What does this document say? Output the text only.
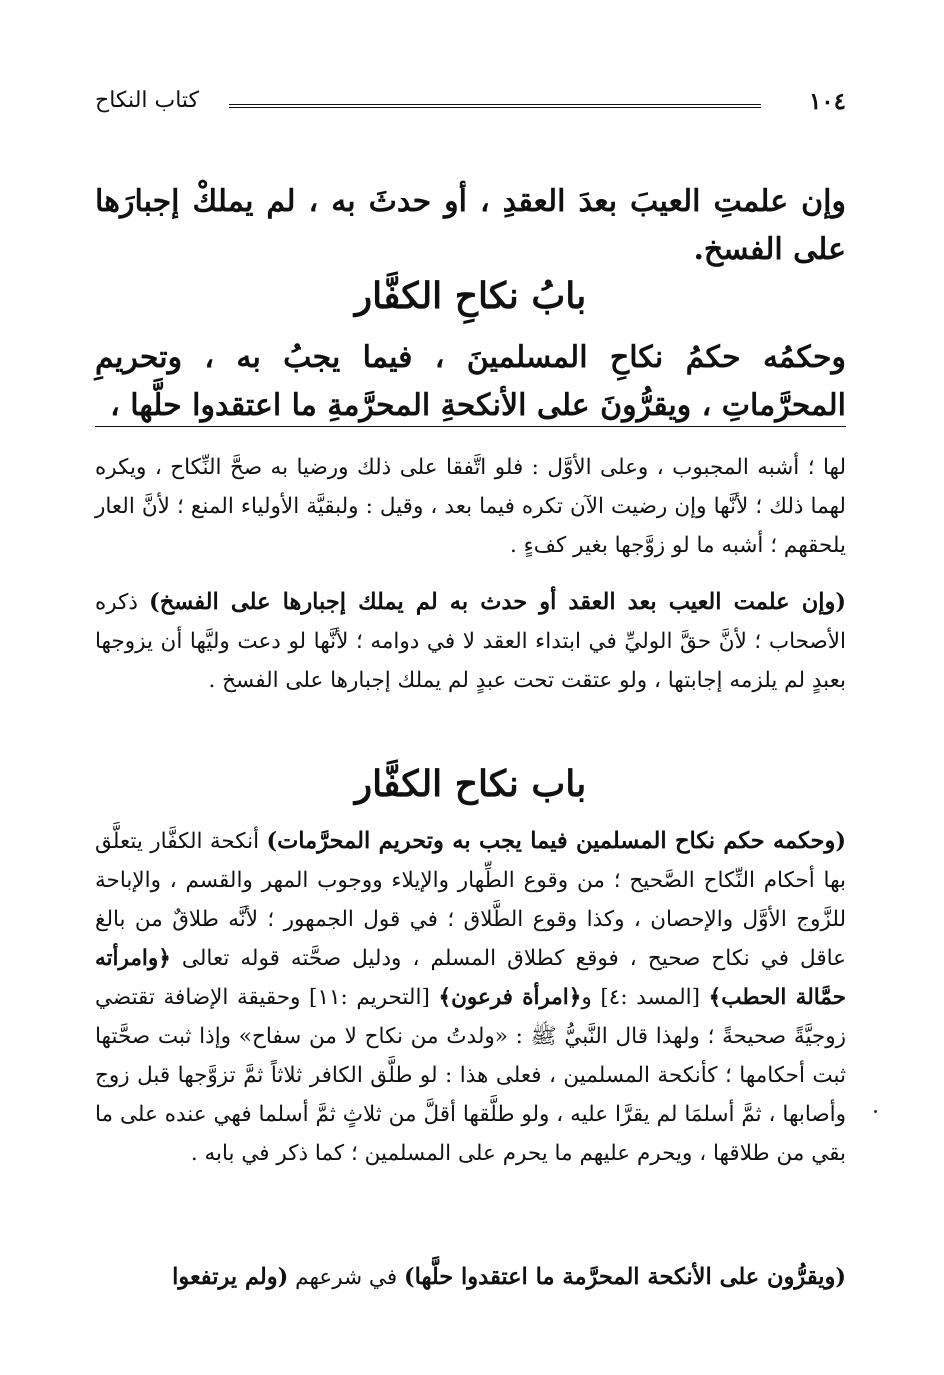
١٠٤
كتاب النكاح
وإن علمتِ العيبَ بعدَ العقدِ ، أو حدثَ به ، لم يملكْ إجبارَها على الفسخ.
بابُ نكاحِ الكفَّار
وحكمُه حكمُ نكاحِ المسلمينَ ، فيما يجبُ به ، وتحريمِ المحرَّماتِ ، ويقرُّونَ على الأنكحةِ المحرَّمةِ ما اعتقدوا حلَّها ،
لها ؛ أشبه المجبوب ، وعلى الأوَّل : فلو اتَّفقا على ذلك ورضيا به صحَّ النِّكاح ، ويكره لهما ذلك ؛ لأنَّها وإن رضيت الآن تكره فيما بعد ، وقيل : ولبقيَّة الأولياء المنع ؛ لأنَّ العار يلحقهم ؛ أشبه ما لو زوَّجها بغير كفءٍ .
(وإن علمت العيب بعد العقد أو حدث به لم يملك إجبارها على الفسخ) ذكره الأصحاب ؛ لأنَّ حقَّ الوليِّ في ابتداء العقد لا في دوامه ؛ لأنَّها لو دعت وليَّها أن يزوجها بعبدٍ لم يلزمه إجابتها ، ولو عتقت تحت عبدٍ لم يملك إجبارها على الفسخ .
باب نكاح الكفَّار
(وحكمه حكم نكاح المسلمين فيما يجب به وتحريم المحرَّمات) أنكحة الكفَّار يتعلَّق بها أحكام النِّكاح الصَّحيح ؛ من وقوع الطِّهار والإيلاء ووجوب المهر والقسم ، والإباحة للزَّوج الأوَّل والإحصان ، وكذا وقوع الطَّلاق ؛ في قول الجمهور ؛ لأنَّه طلاقٌ من بالغ عاقل في نكاح صحيح ، فوقع كطلاق المسلم ، ودليل صحَّته قوله تعالى ﴿وامرأته حمَّالة الحطب﴾ [المسد :٤] و﴿امرأة فرعون﴾ [التحريم :١١] وحقيقة الإضافة تقتضي زوجيَّةً صحيحةً ؛ ولهذا قال النَّبيُّ ﷺ : «ولدتُ من نكاح لا من سفاح» وإذا ثبت صحَّتها ثبت أحكامها ؛ كأنكحة المسلمين ، فعلى هذا : لو طلَّق الكافر ثلاثاً ثمَّ تزوَّجها قبل زوج وأصابها ، ثمَّ أسلمَا لم يقرَّا عليه ، ولو طلَّقها أقلَّ من ثلاثٍ ثمَّ أسلما فهي عنده على ما بقي من طلاقها ، ويحرم عليهم ما يحرم على المسلمين ؛ كما ذكر في بابه .
(ويقرُّون على الأنكحة المحرَّمة ما اعتقدوا حلَّها) في شرعهم (ولم يرتفعوا
